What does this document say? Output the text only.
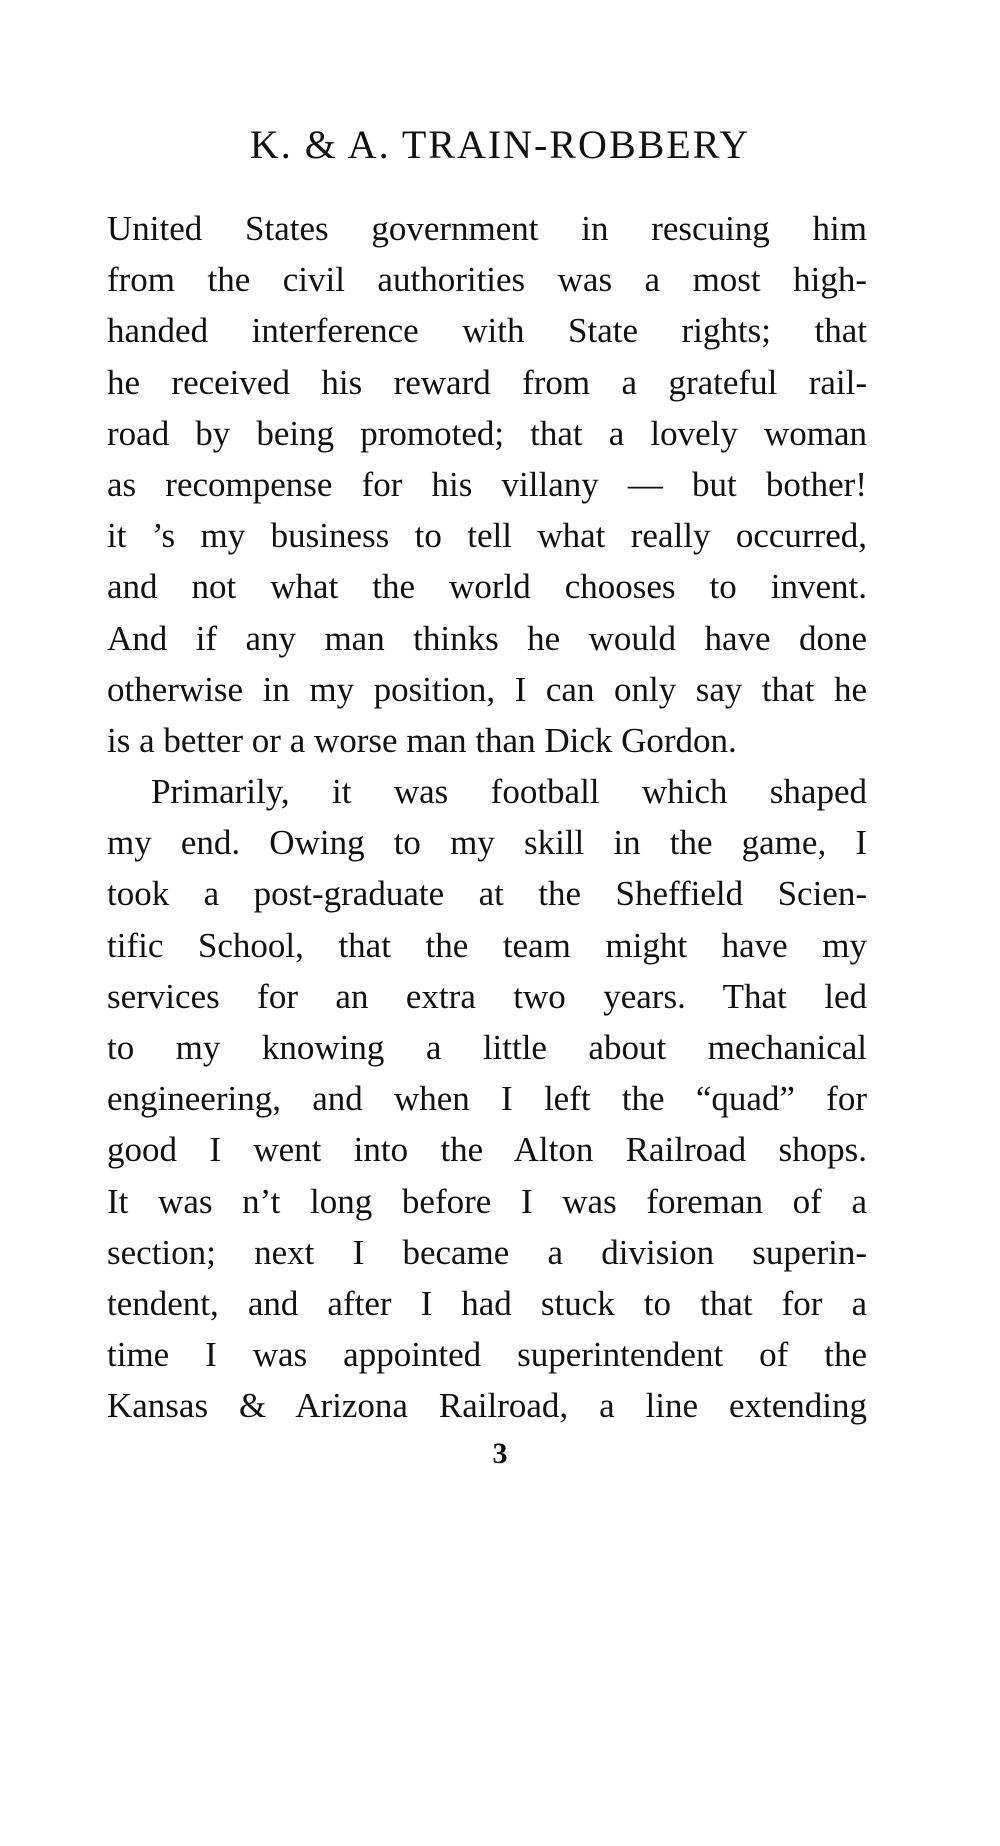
K. & A. TRAIN-ROBBERY
United States government in rescuing him
from the civil authorities was a most high-
handed interference with State rights; that
he received his reward from a grateful rail-
road by being promoted; that a lovely woman
as recompense for his villany — but bother!
it ’s my business to tell what really occurred,
and not what the world chooses to invent.
And if any man thinks he would have done
otherwise in my position, I can only say that he
is a better or a worse man than Dick Gordon.
Primarily, it was football which shaped
my end. Owing to my skill in the game, I
took a post-graduate at the Sheffield Scien-
tific School, that the team might have my
services for an extra two years. That led
to my knowing a little about mechanical
engineering, and when I left the “quad” for
good I went into the Alton Railroad shops.
It was n’t long before I was foreman of a
section; next I became a division superin-
tendent, and after I had stuck to that for a
time I was appointed superintendent of the
Kansas & Arizona Railroad, a line extending
3
